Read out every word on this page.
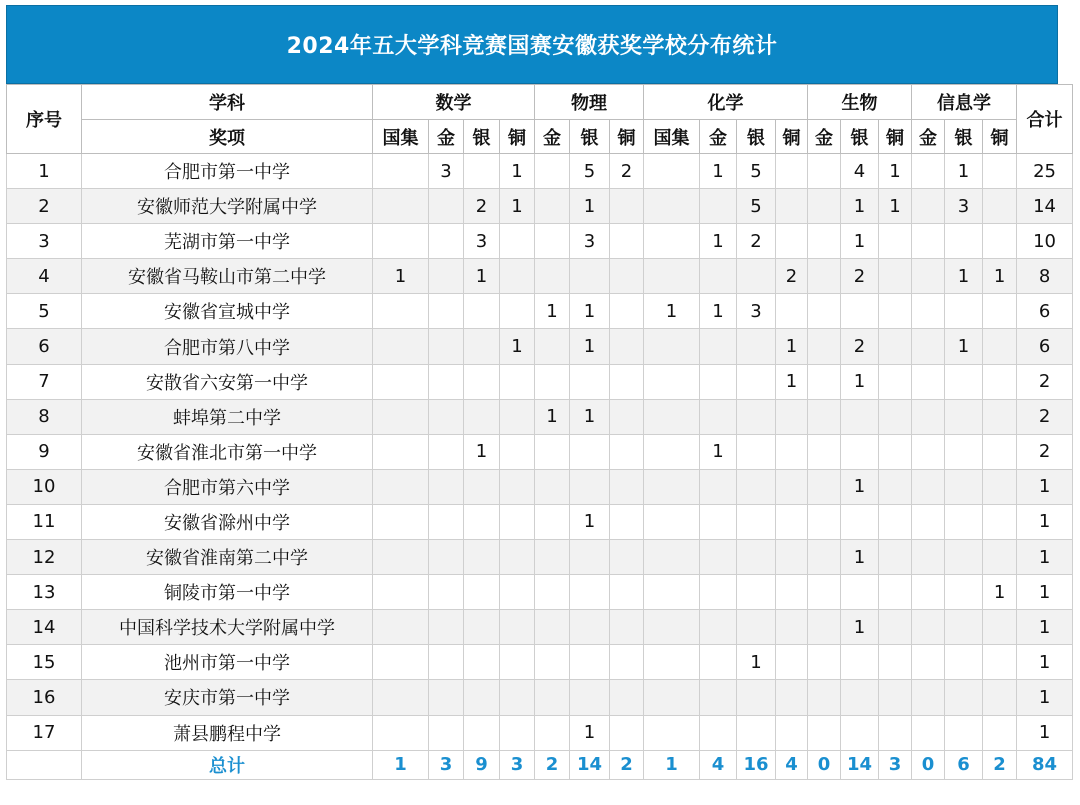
2024年五大学科竞赛国赛安徽获奖学校分布统计
序号	学科	数学				物理			化学				生物			信息学			合计
	奖项	国集	金	银	铜	金	银	铜	国集	金	银	铜	金	银	铜	金	银	铜	
1	合肥市第一中学		3		1		5	2		1	5			4	1		1		25
2	安徽师范大学附属中学			2	1		1				5			1	1		3		14
3	芜湖市第一中学			3			3			1	2			1					10
4	安徽省马鞍山市第二中学	1		1								2		2			1	1	8
5	安徽省宣城中学					1	1		1	1	3								6
6	合肥市第八中学				1		1					1		2			1		6
7	安散省六安第一中学											1		1					2
8	蚌埠第二中学					1	1												2
9	安徽省淮北市第一中学			1						1									2
10	合肥市第六中学													1					1
11	安徽省滁州中学						1												1
12	安徽省淮南第二中学													1					1
13	铜陵市第一中学																	1	1
14	中国科学技术大学附属中学													1					1
15	池州市第一中学										1								1
16	安庆市第一中学																		1
17	萧县鹏程中学						1												1
	总计	1	3	9	3	2	14	2	1	4	16	4	0	14	3	0	6	2	84
